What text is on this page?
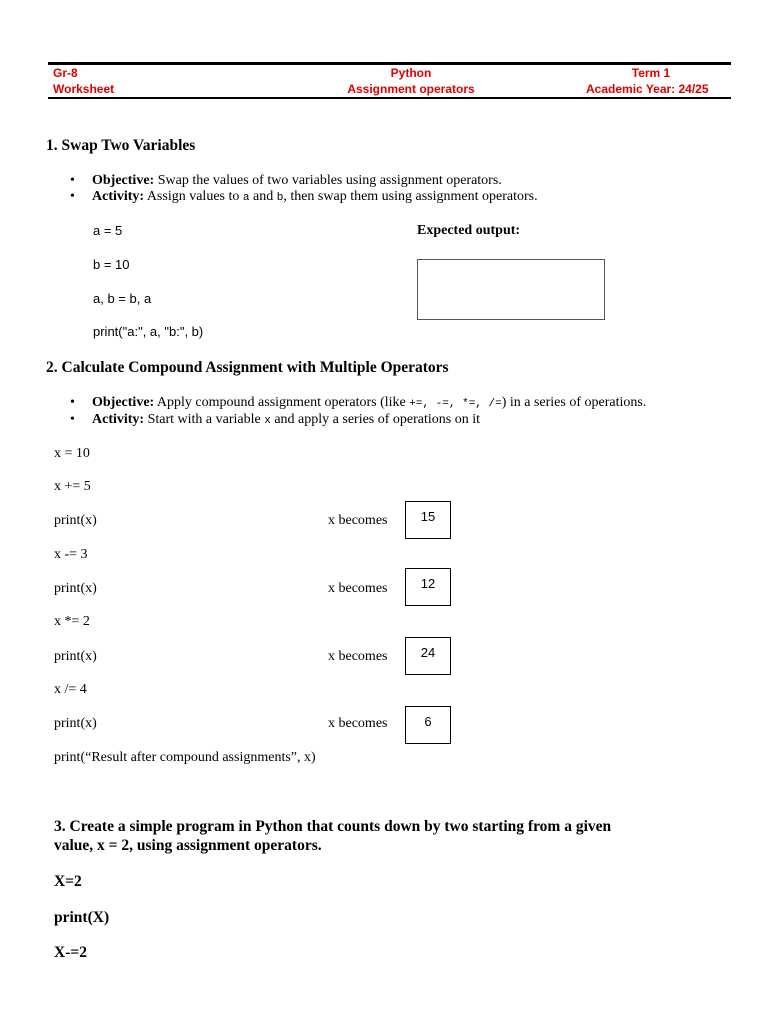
Gr-8
Worksheet
Python
Assignment operators
Term 1
Academic Year: 24/25
1. Swap Two Variables
• Objective: Swap the values of two variables using assignment operators.
• Activity: Assign values to a and b, then swap them using assignment operators.
a = 5
b = 10
a, b = b, a
print("a:", a, "b:", b)
Expected output:
2. Calculate Compound Assignment with Multiple Operators
• Objective: Apply compound assignment operators (like +=, -=, *=, /=) in a series of operations.
• Activity: Start with a variable x and apply a series of operations on it
x = 10
x += 5
print(x)	x becomes	15
x -= 3
print(x)	x becomes	12
x *= 2
print(x)	x becomes	24
x /= 4
print(x)	x becomes	6
print(“Result after compound assignments”, x)
3. Create a simple program in Python that counts down by two starting from a given
value, x = 2, using assignment operators.
X=2
print(X)
X-=2
